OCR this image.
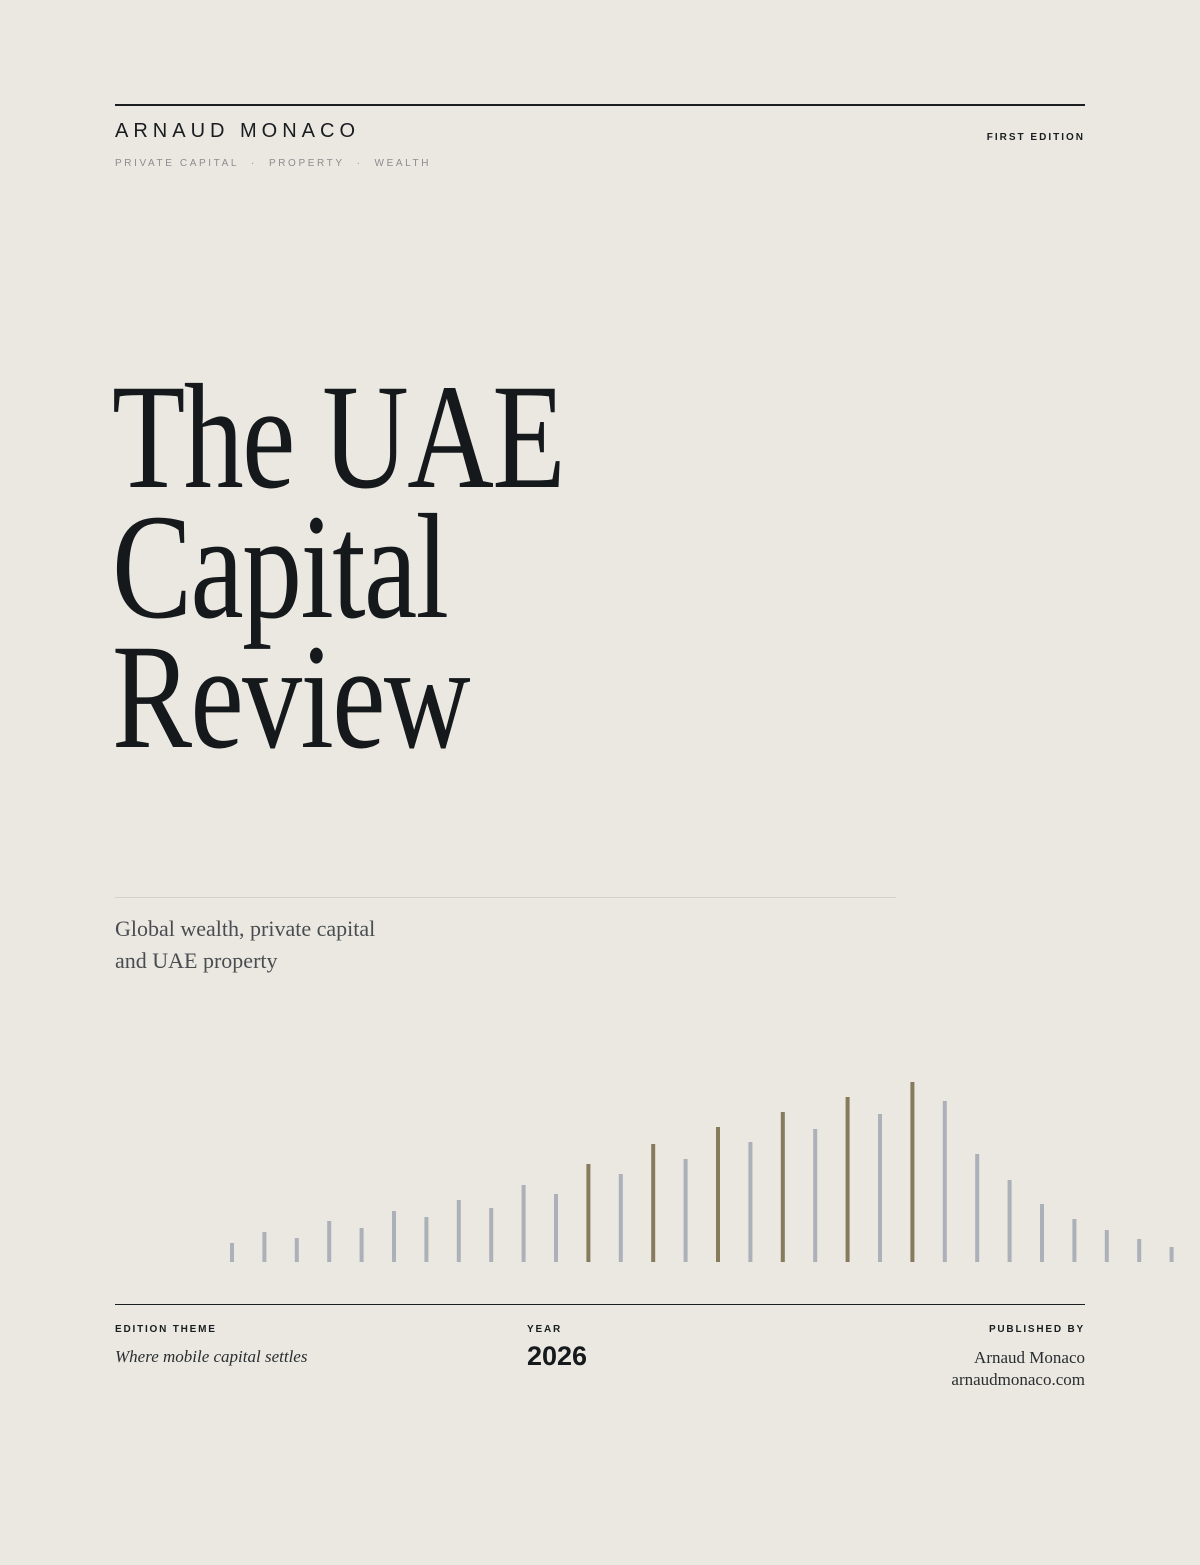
ARNAUD MONACO
PRIVATE CAPITAL · PROPERTY · WEALTH
FIRST EDITION
The UAE
Capital
Review
Global wealth, private capital
and UAE property
EDITION THEME
Where mobile capital settles
YEAR
2026
PUBLISHED BY
Arnaud Monaco
arnaudmonaco.com
